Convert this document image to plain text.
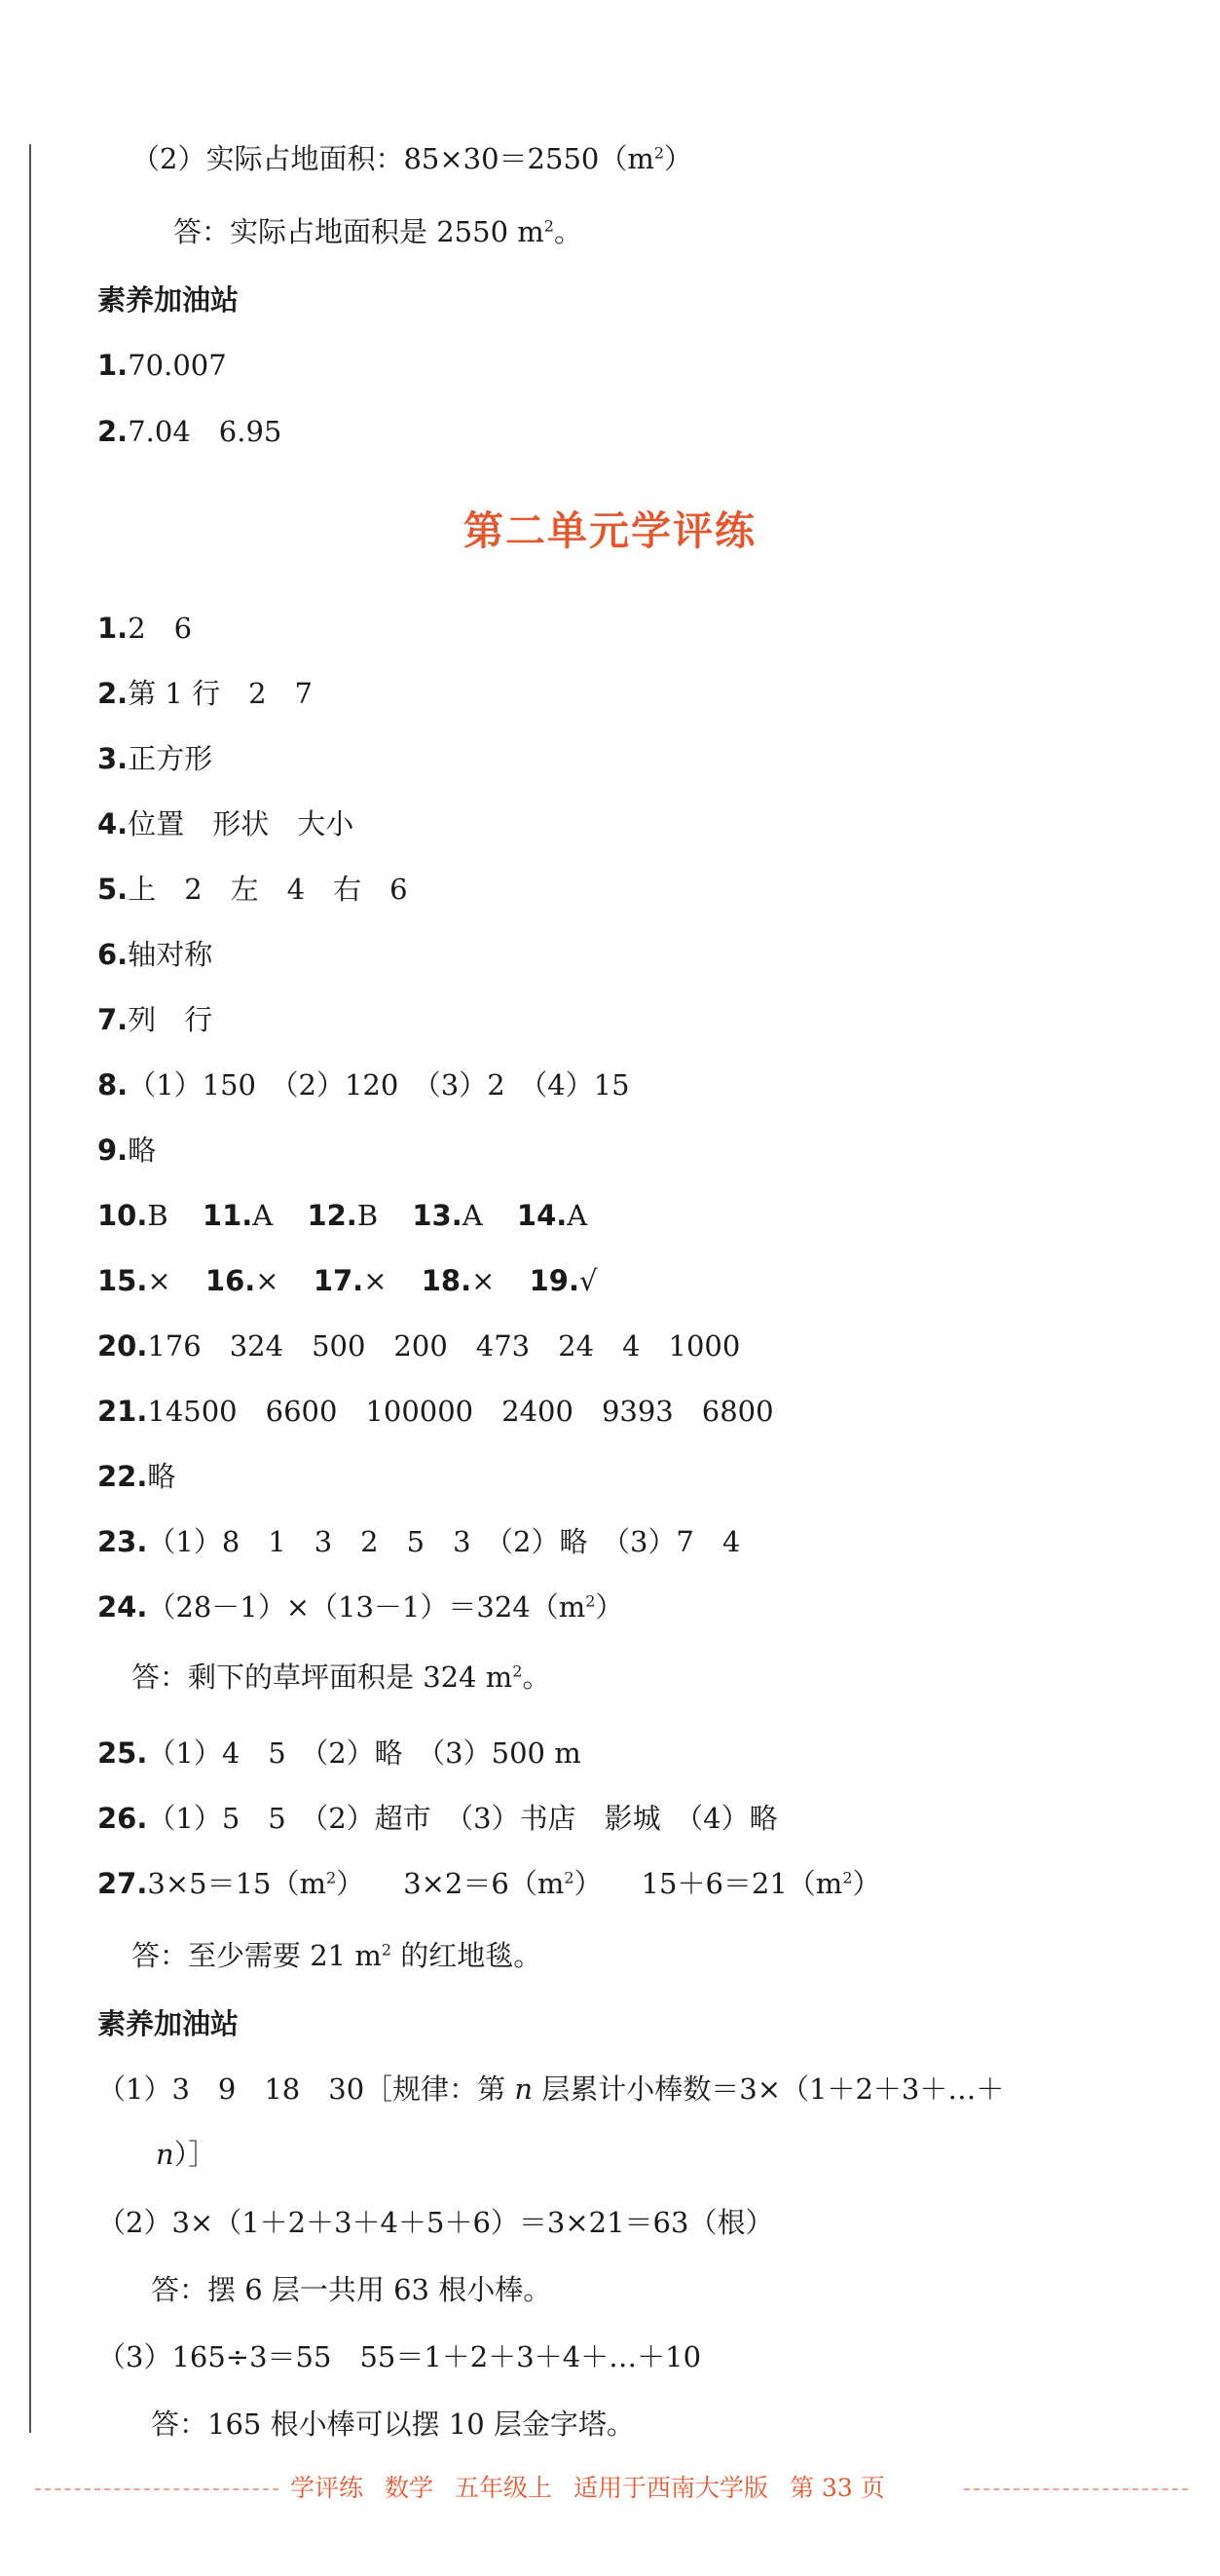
（2）实际占地面积：$85\times 30=2550(m^2)$
答：实际占地面积是 2550 $m^2$。
素养加油站
1.70.007
2.7.04　6.95
第二单元学评练
1.2　6
2.第 1 行　2　7
3.正方形
4.位置　形状　大小
5.上　2　左　4　右　6
6.轴对称
7.列　行
8.（1）150　（2）120　（3）2　（4）15
9.略
10.B 11.A 12.B 13.A 14.A
15.× 16.× 17.× 18.× 19.√
20.176　324　500　200　473　24　4　1000
21.14500　6600　100000　2400　9393　6800
22.略
23.（1）8　1　3　2　5　3　（2）略　（3）7　4
$24.(28-1)\times(13-1)=324(m^2)$
答：剩下的草坪面积是 324 $m^2$。
25.（1）4　5　（2）略　（3）500 m
26.（1）5　5　（2）超市　（3）书店　影城　（4）略
$27.3\times 5=15(m^2)$ $3\times 2=6(m^2)$ $15+6=21(m^2)$
答：至少需要 21 $m^2$ 的红地毯。
素养加油站
（1）3　9　18　30［规律：第 n 层累计小棒数＝3×（1＋2＋3＋…＋
n）］
（2）3×（1＋2＋3＋4＋5＋6）＝3×21＝63（根）
答：摆 6 层一共用 63 根小棒。
（3）165÷3＝55　55＝1＋2＋3＋4＋…＋10
答：165 根小棒可以摆 10 层金字塔。
学评练 数学 五年级上 适用于西南大学版 第 33 页
